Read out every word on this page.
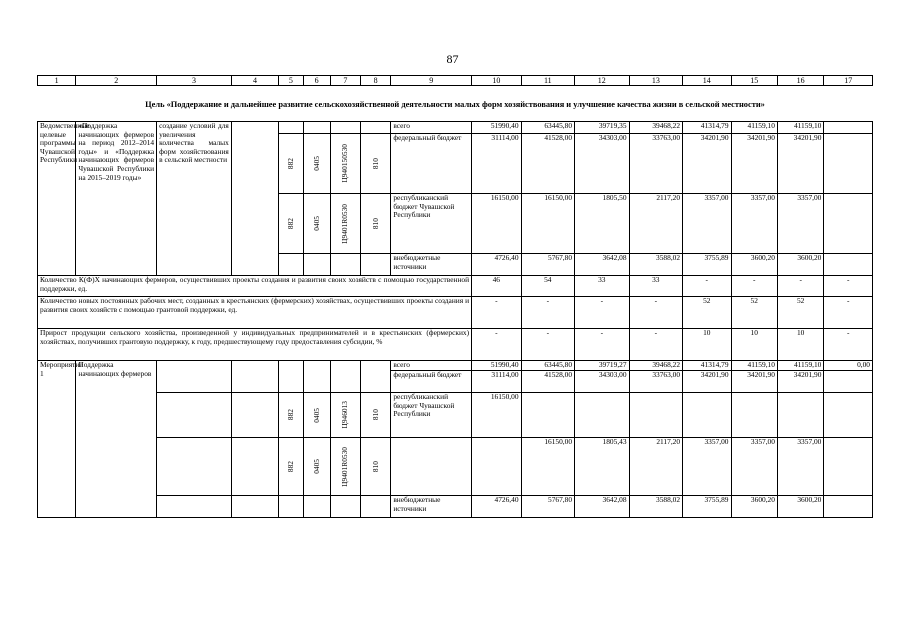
87
1	2	3	4	5	6	7	8	9	10	11	12	13	14	15	16	17
Цель «Поддержание и дальнейшее развитие сельскохозяйственной деятельности малых форм хозяйствования и улучшение качества жизни в сельской местности»
Ведомственные целевые программы Чувашской Республики	«Поддержка начинающих фермеров на период 2012–2014 годы» и «Поддержка начинающих фермеров Чувашской Республики на 2015–2019 годы»	создание условий для увеличения количества малых форм хозяйствования в сельской местности						всего	51990,40	63445,80	39719,35	39468,22	41314,79	41159,10	41159,10	

				882	0405	Ц940150530	810	федеральный бюджет	31114,00	41528,00	34303,00	33763,00	34201,90	34201,90	34201,90	

				882	0405	Ц9401R0530	810	республиканский бюджет Чувашской Республики	16150,00	16150,00	1805,50	2117,20	3357,00	3357,00	3357,00	
								внебюджетные источники	4726,40	5767,80	3642,08	3588,02	3755,89	3600,20	3600,20	
Количество К(Ф)Х начинающих фермеров, осуществивших проекты создания и развития своих хозяйств с помощью государственной поддержки, ед.									46	54	33	33	-	-	-	-
Количество новых постоянных рабочих мест, созданных в крестьянских (фермерских) хозяйствах, осуществивших проекты создания и развития своих хозяйств с помощью грантовой поддержки, ед.									-	-	-	-	52	52	52	-
Прирост продукции сельского хозяйства, произведенной у индивидуальных предпринимателей и в крестьянских (фермерских) хозяйствах, получивших грантовую поддержку, к году, предшествующему году предоставления субсидии, %									-	-	-	-	10	10	10	-
Мероприятие 1	Поддержка начинающих фермеров							всего	51990,40	63445,80	39719,27	39468,22	41314,79	41159,10	41159,10	0,00
								федеральный бюджет	31114,00	41528,00	34303,00	33763,00	34201,90	34201,90	34201,90	

				882	0405	Ц946013	810	республиканский бюджет Чувашской Республики	16150,00							

				882	0405	Ц9401R0530	810			16150,00	1805,43	2117,20	3357,00	3357,00	3357,00	
								внебюджетные источники	4726,40	5767,80	3642,08	3588,02	3755,89	3600,20	3600,20	
